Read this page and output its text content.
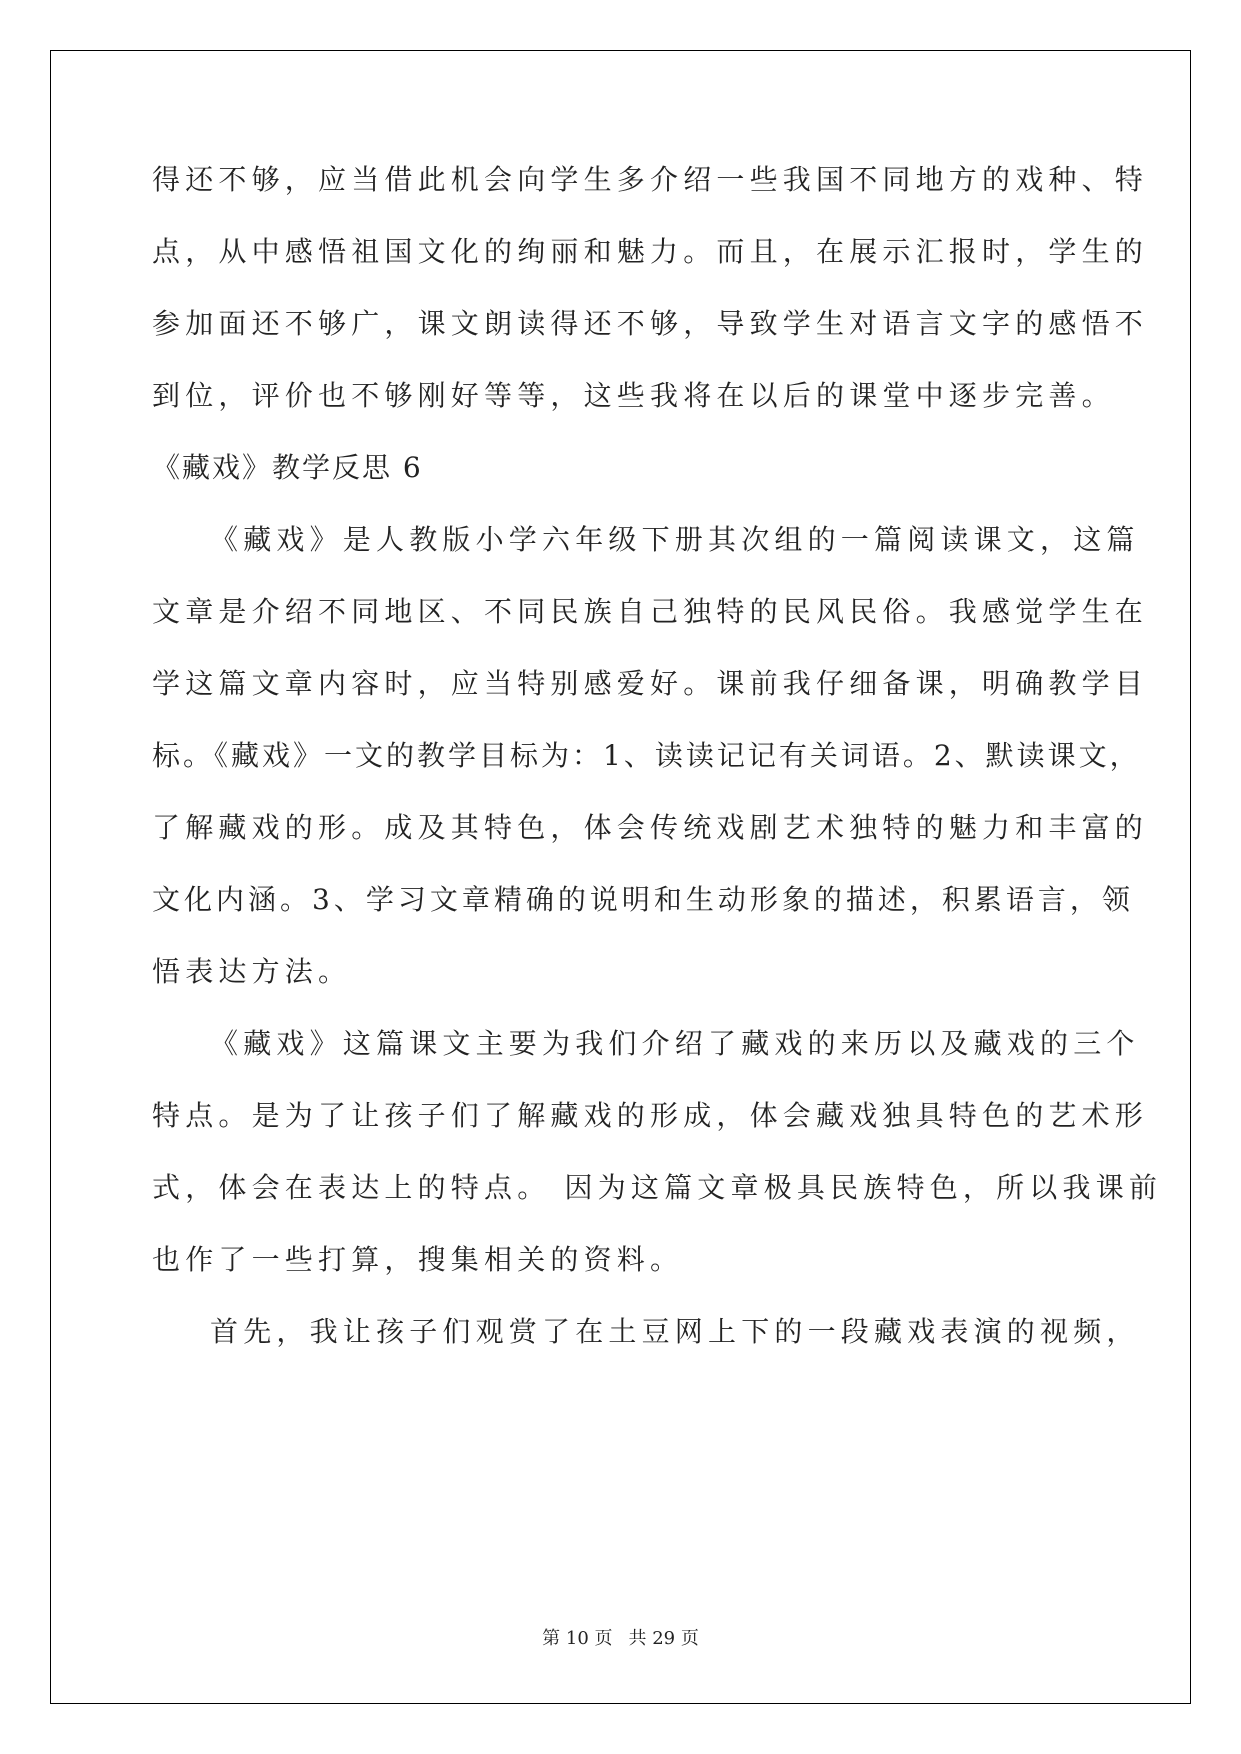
得还不够，应当借此机会向学生多介绍一些我国不同地方的戏种、特

点，从中感悟祖国文化的绚丽和魅力。而且，在展示汇报时，学生的

参加面还不够广，课文朗读得还不够，导致学生对语言文字的感悟不

到位，评价也不够刚好等等，这些我将在以后的课堂中逐步完善。

《藏戏》教学反思 6

《藏戏》是人教版小学六年级下册其次组的一篇阅读课文，这篇

文章是介绍不同地区、不同民族自己独特的民风民俗。我感觉学生在

学这篇文章内容时，应当特别感爱好。课前我仔细备课，明确教学目

标。《藏戏》一文的教学目标为：1、读读记记有关词语。2、默读课文，

了解藏戏的形。成及其特色，体会传统戏剧艺术独特的魅力和丰富的

文化内涵。3、学习文章精确的说明和生动形象的描述，积累语言，领

悟表达方法。

《藏戏》这篇课文主要为我们介绍了藏戏的来历以及藏戏的三个

特点。是为了让孩子们了解藏戏的形成，体会藏戏独具特色的艺术形

式，体会在表达上的特点。 因为这篇文章极具民族特色，所以我课前

也作了一些打算，搜集相关的资料。

首先，我让孩子们观赏了在土豆网上下的一段藏戏表演的视频，

第 10 页 共 29 页
